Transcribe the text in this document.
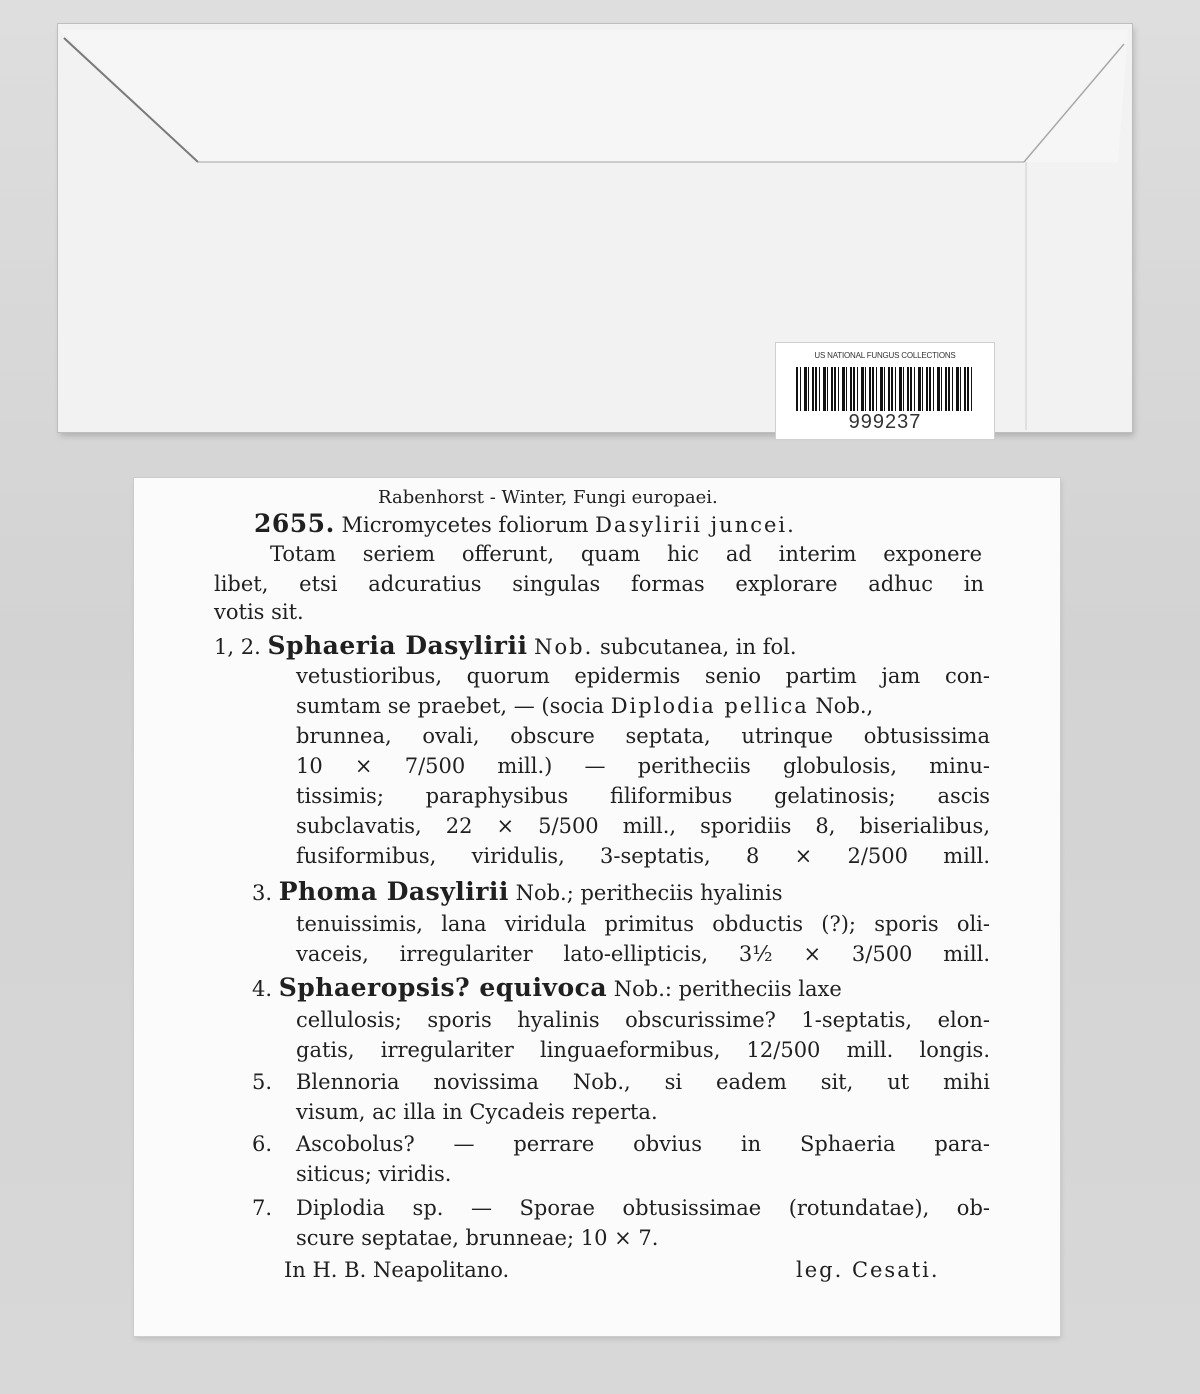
US NATIONAL FUNGUS COLLECTIONS
999237
Rabenhorst - Winter, Fungi europaei.
2655. Micromycetes foliorum Dasylirii juncei.
Totam seriem offerunt, quam hic ad interim exponere
libet, etsi adcuratius singulas formas explorare adhuc in
votis sit.
1, 2. Sphaeria Dasylirii Nob. subcutanea, in fol.
vetustioribus, quorum epidermis senio partim jam con-
sumtam se praebet, — (socia Diplodia pellica Nob.,
brunnea, ovali, obscure septata, utrinque obtusissima
10 × 7/500 mill.) — peritheciis globulosis, minu-
tissimis; paraphysibus filiformibus gelatinosis; ascis
subclavatis, 22 × 5/500 mill., sporidiis 8, biserialibus,
fusiformibus, viridulis, 3-septatis, 8 × 2/500 mill.
3. Phoma Dasylirii Nob.; peritheciis hyalinis
tenuissimis, lana viridula primitus obductis (?); sporis oli-
vaceis, irregulariter lato-ellipticis, 3½ × 3/500 mill.
4. Sphaeropsis? equivoca Nob.: peritheciis laxe
cellulosis; sporis hyalinis obscurissime? 1-septatis, elon-
gatis, irregulariter linguaeformibus, 12/500 mill. longis.
5. Blennoria novissima Nob., si eadem sit, ut mihi
visum, ac illa in Cycadeis reperta.
6. Ascobolus? — perrare obvius in Sphaeria para-
siticus; viridis.
7. Diplodia sp. — Sporae obtusissimae (rotundatae), ob-
scure septatae, brunneae; 10 × 7.
In H. B. Neapolitano.	leg. Cesati.
